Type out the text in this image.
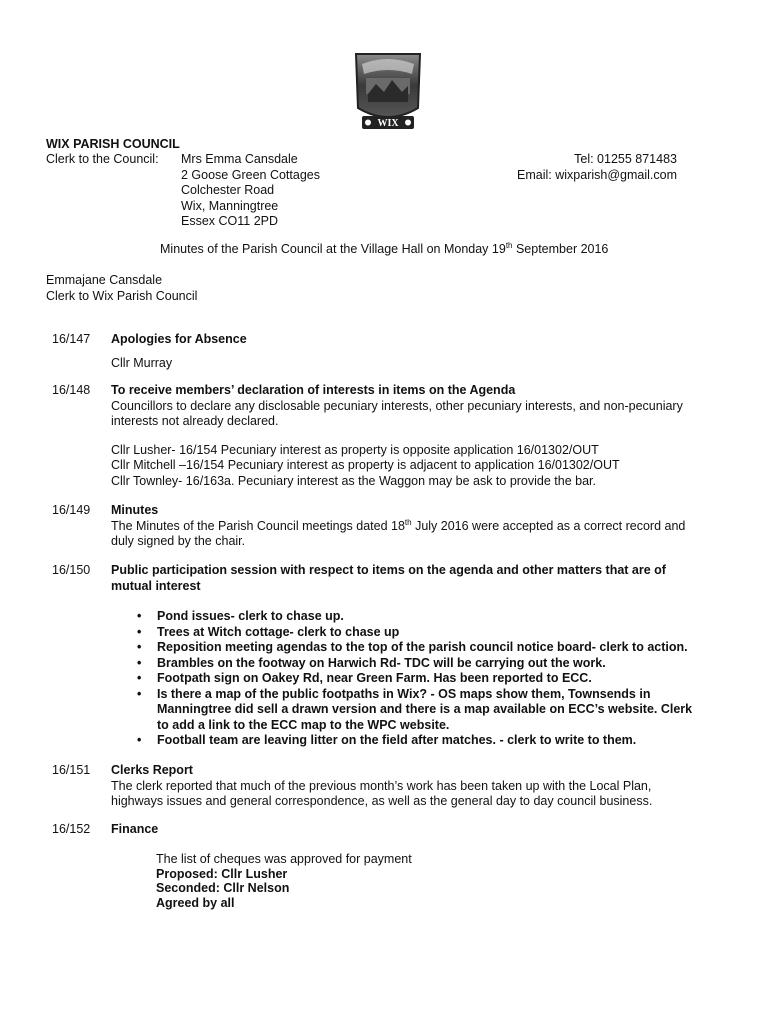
WIX
WIX PARISH COUNCIL
Clerk to the Council: Mrs Emma Cansdale
2 Goose Green Cottages
Colchester Road
Wix, Manningtree
Essex CO11 2PD
Tel: 01255 871483
Email: wixparish@gmail.com
Minutes of the Parish Council at the Village Hall on Monday 19th September 2016
Emmajane Cansdale
Clerk to Wix Parish Council
16/147 Apologies for Absence
Cllr Murray
16/148 To receive members’ declaration of interests in items on the Agenda
Councillors to declare any disclosable pecuniary interests, other pecuniary interests, and non-pecuniary
interests not already declared.
Cllr Lusher- 16/154 Pecuniary interest as property is opposite application 16/01302/OUT
Cllr Mitchell –16/154 Pecuniary interest as property is adjacent to application 16/01302/OUT
Cllr Townley- 16/163a. Pecuniary interest as the Waggon may be ask to provide the bar.
16/149 Minutes
The Minutes of the Parish Council meetings dated 18th July 2016 were accepted as a correct record and
duly signed by the chair.
16/150 Public participation session with respect to items on the agenda and other matters that are of
mutual interest
• Pond issues- clerk to chase up.
• Trees at Witch cottage- clerk to chase up
• Reposition meeting agendas to the top of the parish council notice board- clerk to action.
• Brambles on the footway on Harwich Rd- TDC will be carrying out the work.
• Footpath sign on Oakey Rd, near Green Farm. Has been reported to ECC.
• Is there a map of the public footpaths in Wix? - OS maps show them, Townsends in
Manningtree did sell a drawn version and there is a map available on ECC’s website. Clerk
to add a link to the ECC map to the WPC website.
• Football team are leaving litter on the field after matches. - clerk to write to them.
16/151 Clerks Report
The clerk reported that much of the previous month’s work has been taken up with the Local Plan,
highways issues and general correspondence, as well as the general day to day council business.
16/152 Finance
The list of cheques was approved for payment
Proposed: Cllr Lusher
Seconded: Cllr Nelson
Agreed by all
